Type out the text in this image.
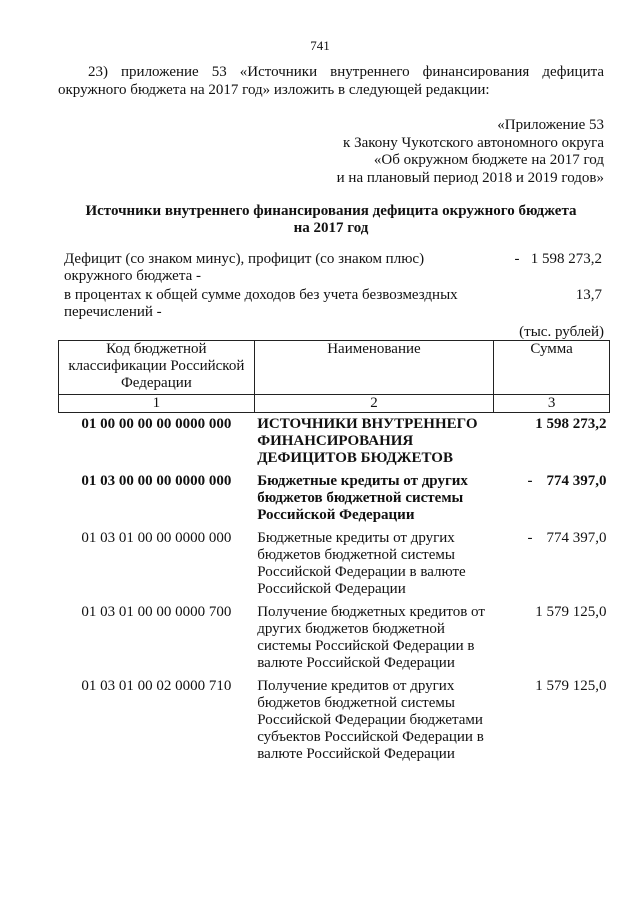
741
23) приложение 53 «Источники внутреннего финансирования дефицита
окружного бюджета на 2017 год» изложить в следующей редакции:
«Приложение 53
к Закону Чукотского автономного округа
«Об окружном бюджете на 2017 год
и на плановый период 2018 и 2019 годов»
Источники внутреннего финансирования дефицита окружного бюджета
на 2017 год
Дефицит (со знаком минус), профицит (со знаком плюс)
окружного бюджета -
-   1 598 273,2
в процентах к общей сумме доходов без учета безвозмездных
перечислений -
13,7
(тыс. рублей)
Код бюджетной классификации Российской Федерации	Наименование	Сумма
1	2	3
01 00 00 00 00 0000 000	ИСТОЧНИКИ ВНУТРЕННЕГО ФИНАНСИРОВАНИЯ ДЕФИЦИТОВ БЮДЖЕТОВ	1 598 273,2
01 03 00 00 00 0000 000	Бюджетные кредиты от других бюджетов бюджетной системы Российской Федерации	- 774 397,0
01 03 01 00 00 0000 000	Бюджетные кредиты от других бюджетов бюджетной системы Российской Федерации в валюте Российской Федерации	- 774 397,0
01 03 01 00 00 0000 700	Получение бюджетных кредитов от других бюджетов бюджетной системы Российской Федерации в валюте Российской Федерации	1 579 125,0
01 03 01 00 02 0000 710	Получение кредитов от других бюджетов бюджетной системы Российской Федерации бюджетами субъектов Российской Федерации в валюте Российской Федерации	1 579 125,0
